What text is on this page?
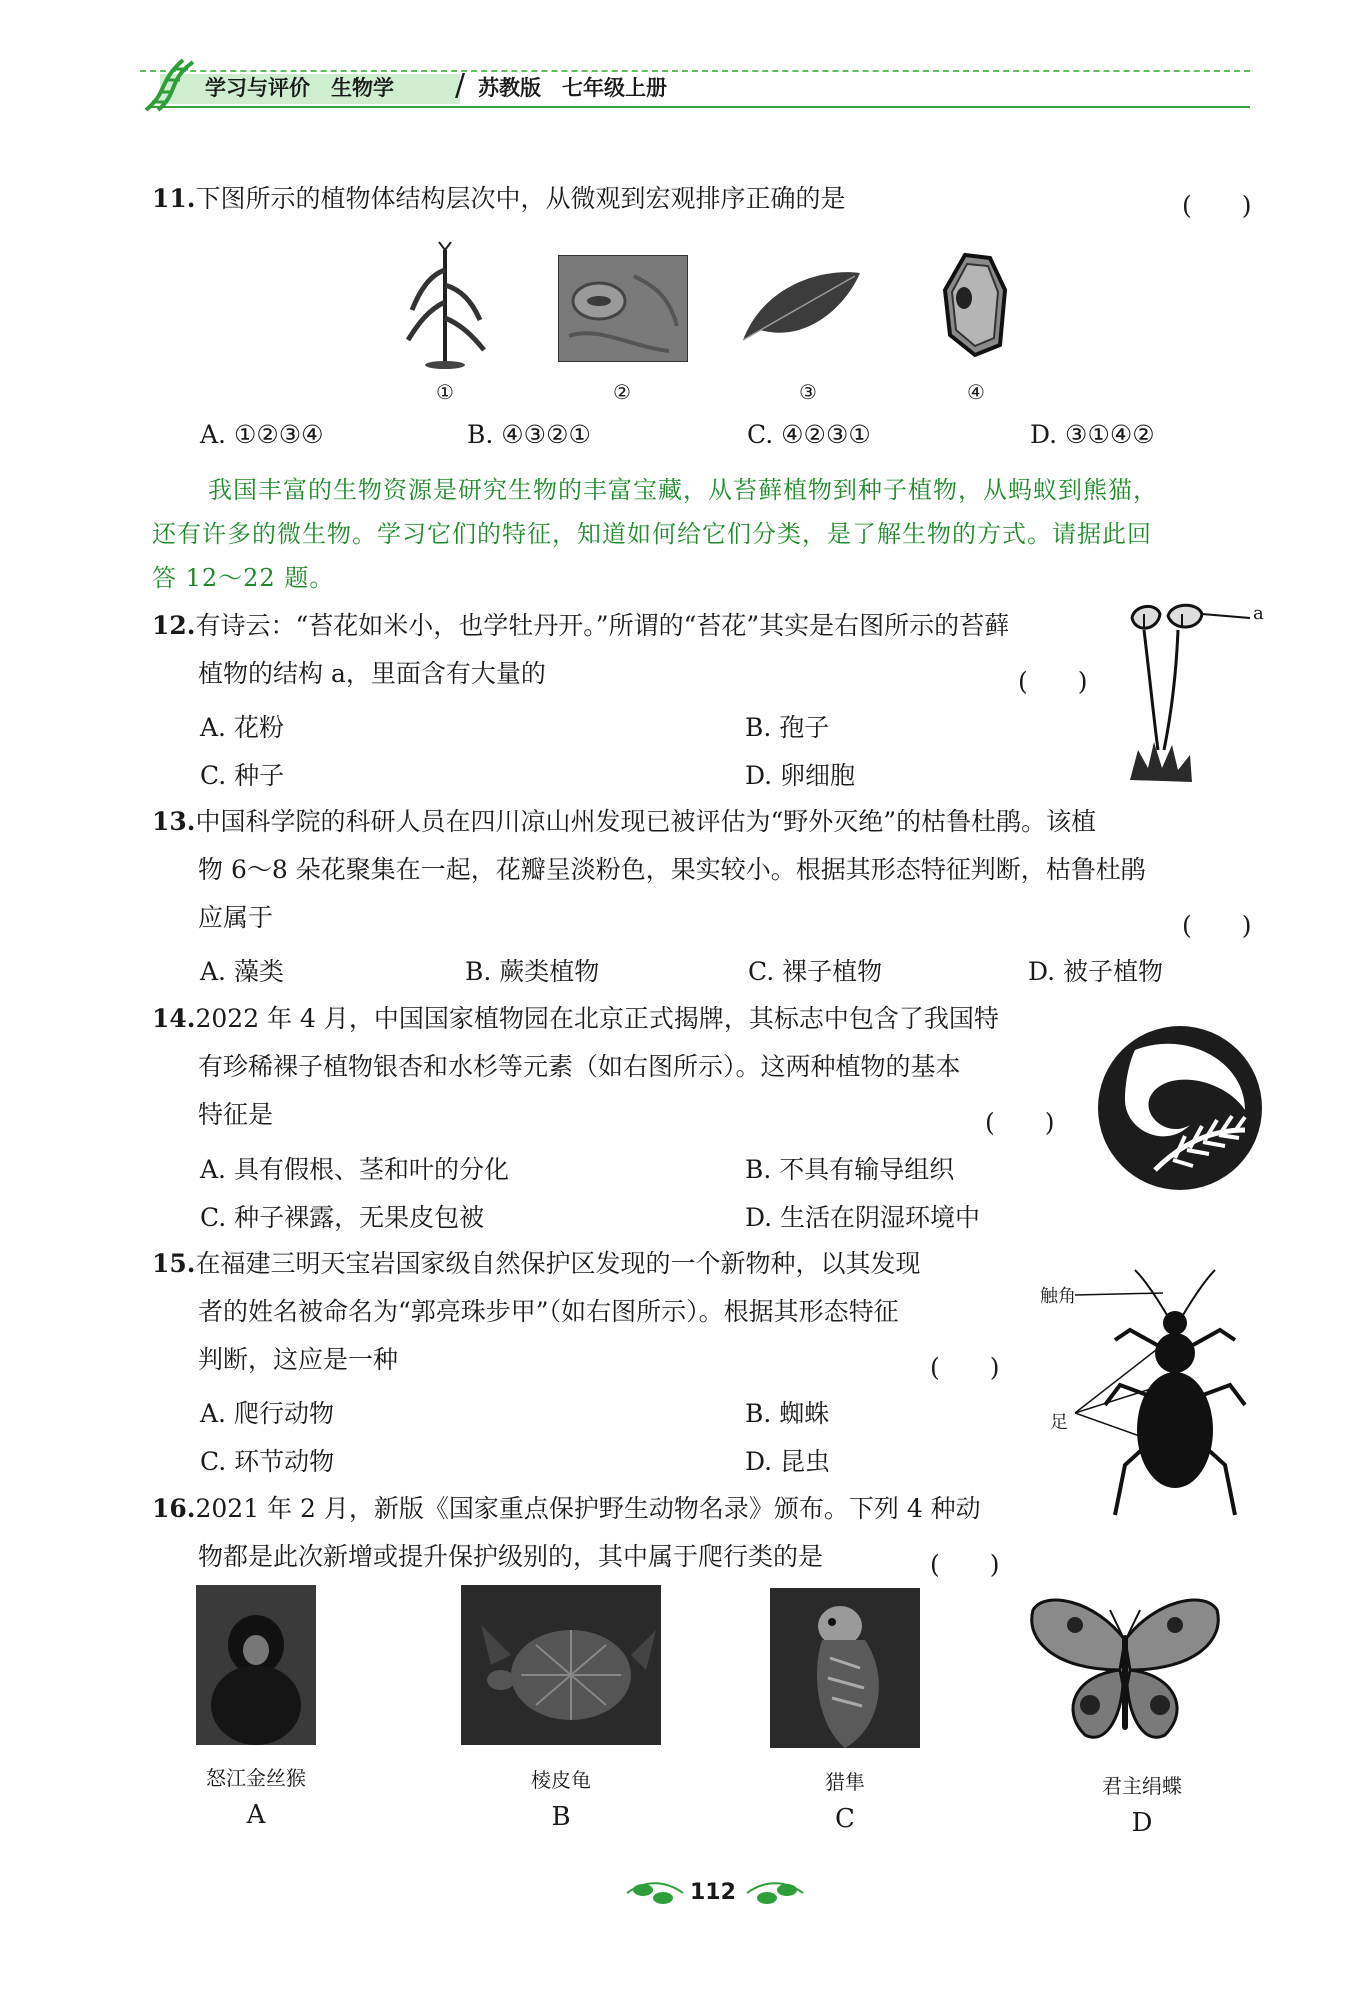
学习与评价　 生物学 / 苏教版　 七年级上册
11.下图所示的植物体结构层次中，从微观到宏观排序正确的是	(　　)
①	②	③	④
A. ①②③④	B. ④③②①	C. ④②③①	D. ③①④②
我国丰富的生物资源是研究生物的丰富宝藏，从苔藓植物到种子植物，从蚂蚁到熊猫，
还有许多的微生物。学习它们的特征，知道如何给它们分类，是了解生物的方式。请据此回
答 12～22 题。
12.有诗云：“苔花如米小，也学牡丹开。”所谓的“苔花”其实是右图所示的苔藓
植物的结构 a，里面含有大量的	(　　)
A. 花粉	B. 孢子
C. 种子	D. 卵细胞
a
13.中国科学院的科研人员在四川凉山州发现已被评估为“野外灭绝”的枯鲁杜鹃。该植
物 6～8 朵花聚集在一起，花瓣呈淡粉色，果实较小。根据其形态特征判断，枯鲁杜鹃
应属于	(　　)
A. 藻类	B. 蕨类植物	C. 裸子植物	D. 被子植物
14.2022 年 4 月，中国国家植物园在北京正式揭牌，其标志中包含了我国特
有珍稀裸子植物银杏和水杉等元素（如右图所示）。这两种植物的基本
特征是	(　　)
A. 具有假根、茎和叶的分化	B. 不具有输导组织
C. 种子裸露，无果皮包被	D. 生活在阴湿环境中
15.在福建三明天宝岩国家级自然保护区发现的一个新物种，以其发现
者的姓名被命名为“郭亮珠步甲”（如右图所示）。根据其形态特征
判断，这应是一种	(　　)
A. 爬行动物	B. 蜘蛛
C. 环节动物	D. 昆虫
触角
足
16.2021 年 2 月，新版《国家重点保护野生动物名录》颁布。下列 4 种动
物都是此次新增或提升保护级别的，其中属于爬行类的是	(　　)
怒江金丝猴
A
棱皮龟
B
猎隼
C
君主绢蝶
D
112
